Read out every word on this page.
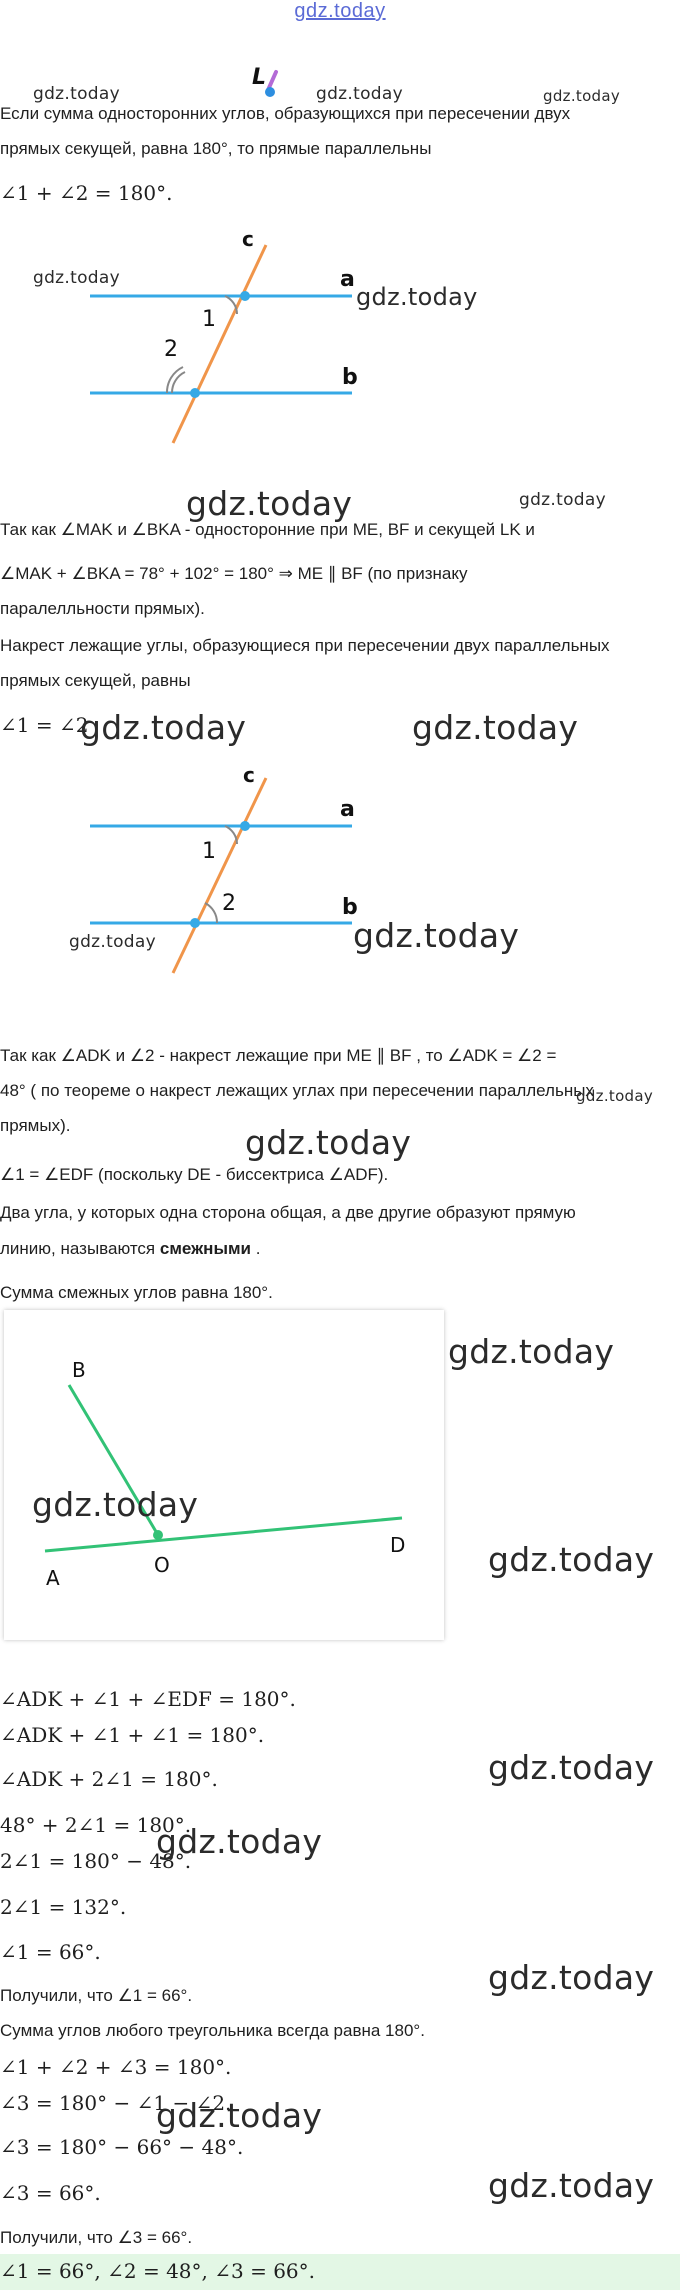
gdz.today
L
Если сумма односторонних углов, образующихся при пересечении двух
прямых секущей, равна 180°, то прямые параллельны
∠1 + ∠2 = 180°.
c
a
b
1
2
Так как ∠MAK и ∠BKA - односторонние при ME, BF и секущей LK и
∠MAK + ∠BKA = 78° + 102° = 180° ⇒ ME ∥ BF (по признаку
паралелльности прямых).
Накрест лежащие углы, образующиеся при пересечении двух параллельных
прямых секущей, равны
∠1 = ∠2
c
a
b
1
2
Так как ∠ADK и ∠2 - накрест лежащие при ME ∥ BF , то ∠ADK = ∠2 =
48° ( по теореме о накрест лежащих углах при пересечении параллельных
прямых).
∠1 = ∠EDF (поскольку DE - биссектриса ∠ADF).
Два угла, у которых одна сторона общая, а две другие образуют прямую
линию, называются смежными .
Сумма смежных углов равна 180°.
B
A
O
D
∠ADK + ∠1 + ∠EDF = 180°.
∠ADK + ∠1 + ∠1 = 180°.
∠ADK + 2∠1 = 180°.
48° + 2∠1 = 180°.
2∠1 = 180° − 48°.
2∠1 = 132°.
∠1 = 66°.
Получили, что ∠1 = 66°.
Сумма углов любого треугольника всегда равна 180°.
∠1 + ∠2 + ∠3 = 180°.
∠3 = 180° − ∠1 − ∠2.
∠3 = 180° − 66° − 48°.
∠3 = 66°.
Получили, что ∠3 = 66°.
∠1 = 66°, ∠2 = 48°, ∠3 = 66°.
gdz.today	gdz.today	gdz.today
gdz.today
gdz.today
gdz.today	gdz.today
gdz.today	gdz.today
gdz.today	gdz.today
gdz.today
gdz.today
gdz.today
gdz.today
gdz.today
gdz.today
gdz.today
gdz.today
gdz.today
gdz.today
